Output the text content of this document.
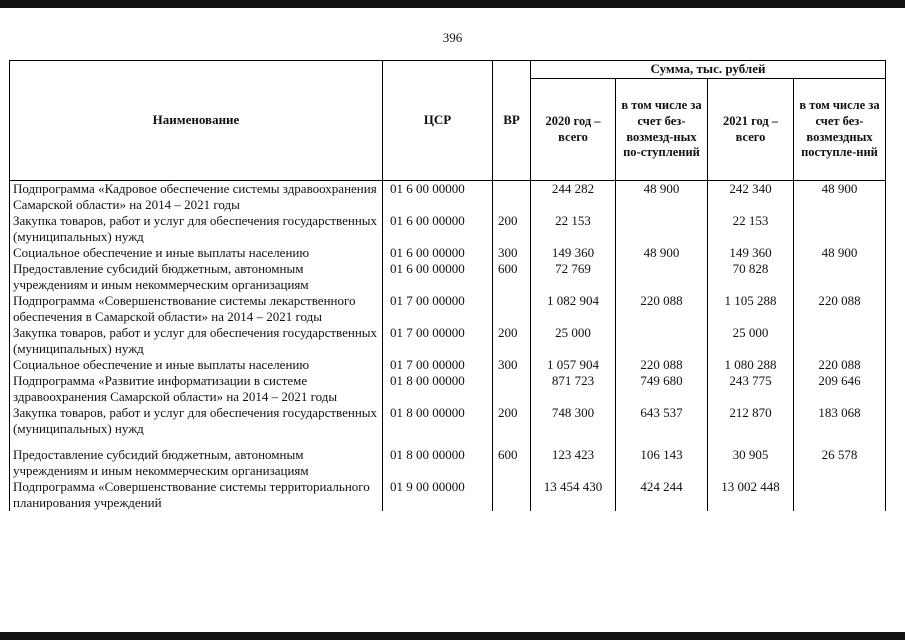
396
Наименование	ЦСР	ВР	Сумма, тыс. рублей			
			2020 год – всего	в том числе за счет без-возмезд-ных по-ступлений	2021 год – всего	в том числе за счет без-возмездных поступле-ний
Подпрограмма «Кадровое обеспечение системы здравоохранения Самарской области» на 2014 – 2021 годы	01 6 00 00000		244 282	48 900	242 340	48 900
Закупка товаров, работ и услуг для обеспечения государственных (муниципальных) нужд	01 6 00 00000	200	22 153		22 153	
Социальное обеспечение и иные выплаты населению	01 6 00 00000	300	149 360	48 900	149 360	48 900
Предоставление субсидий бюджетным, автономным учреждениям и иным некоммерческим организациям	01 6 00 00000	600	72 769		70 828	
Подпрограмма «Совершенствование системы лекарственного обеспечения в Самарской области» на 2014 – 2021 годы	01 7 00 00000		1 082 904	220 088	1 105 288	220 088
Закупка товаров, работ и услуг для обеспечения государственных (муниципальных) нужд	01 7 00 00000	200	25 000		25 000	
Социальное обеспечение и иные выплаты населению	01 7 00 00000	300	1 057 904	220 088	1 080 288	220 088
Подпрограмма «Развитие информатизации в системе здравоохранения Самарской области» на 2014 – 2021 годы	01 8 00 00000		871 723	749 680	243 775	209 646
Закупка товаров, работ и услуг для обеспечения государственных (муниципальных) нужд	01 8 00 00000	200	748 300	643 537	212 870	183 068
Предоставление субсидий бюджетным, автономным учреждениям и иным некоммерческим организациям	01 8 00 00000	600	123 423	106 143	30 905	26 578
Подпрограмма «Совершенствование системы территориального планирования учреждений	01 9 00 00000		13 454 430	424 244	13 002 448	
